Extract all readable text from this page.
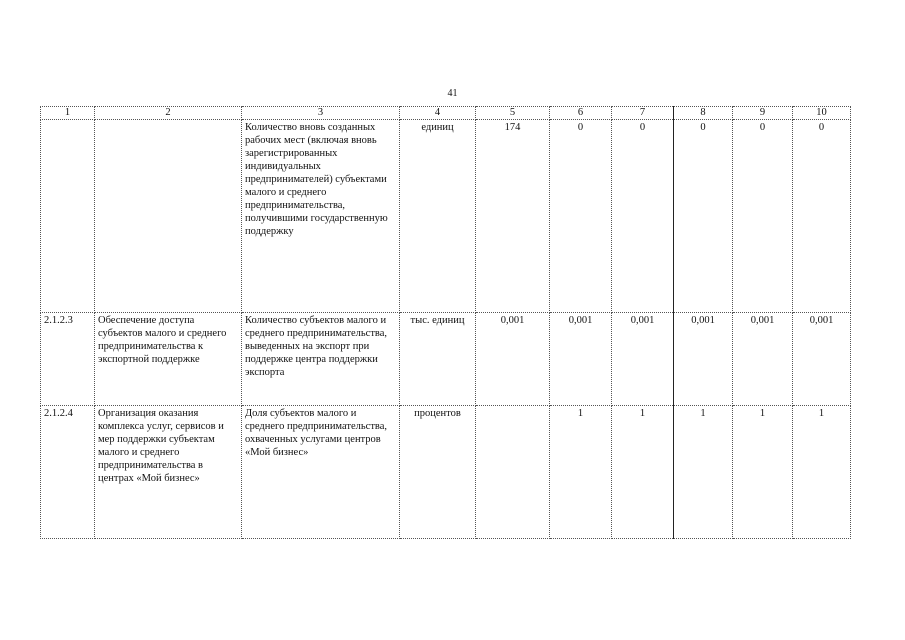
41
1	2	3	4	5	6	7	8	9	10
		Количество вновь созданных рабочих мест (включая вновь зарегистрированных индивидуальных предпринимателей) субъектами малого и среднего предпринимательства, получившими государственную поддержку	единиц	174	0	0	0	0	0
2.1.2.3	Обеспечение доступа субъектов малого и среднего предпринимательства к экспортной поддержке	Количество субъектов малого и среднего предпринимательства, выведенных на экспорт при поддержке центра поддержки экспорта	тыс. единиц	0,001	0,001	0,001	0,001	0,001	0,001
2.1.2.4	Организация оказания комплекса услуг, сервисов и мер поддержки субъектам малого и среднего предпринимательства в центрах «Мой бизнес»	Доля субъектов малого и среднего предпринимательства, охваченных услугами центров «Мой бизнес»	процентов		1	1	1	1	1
